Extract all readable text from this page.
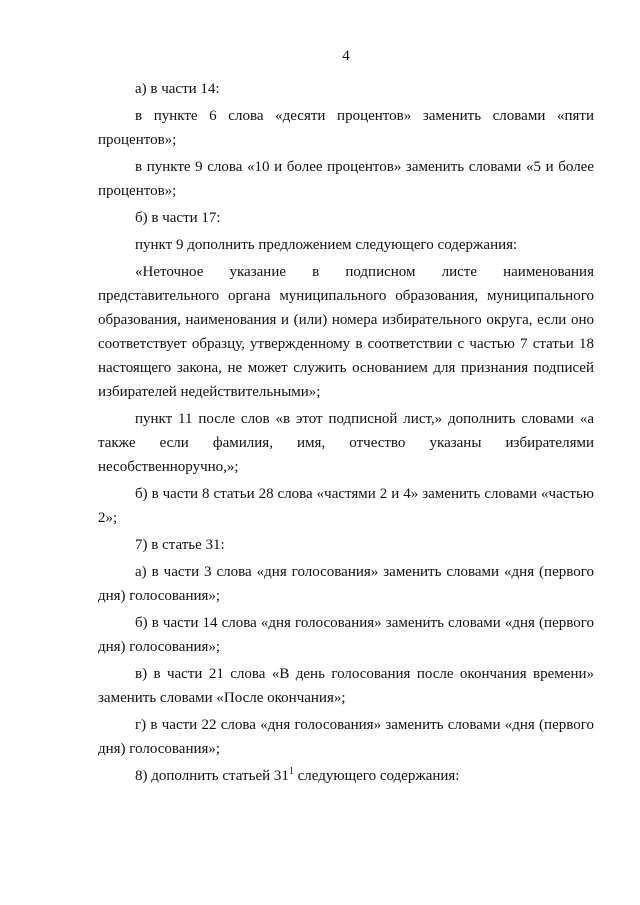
4

а) в части 14:

в пункте 6 слова «десяти процентов» заменить словами «пяти процентов»;

в пункте 9 слова «10 и более процентов» заменить словами «5 и более процентов»;

б) в части 17:

пункт 9 дополнить предложением следующего содержания:

«Неточное указание в подписном листе наименования представительного органа муниципального образования, муниципального образования, наименования и (или) номера избирательного округа, если оно соответствует образцу, утвержденному в соответствии с частью 7 статьи 18 настоящего закона, не может служить основанием для признания подписей избирателей недействительными»;

пункт 11 после слов «в этот подписной лист,» дополнить словами «а также если фамилия, имя, отчество указаны избирателями несобственноручно,»;

б) в части 8 статьи 28 слова «частями 2 и 4» заменить словами «частью 2»;

7) в статье 31:

а) в части 3 слова «дня голосования» заменить словами «дня (первого дня) голосования»;

б) в части 14 слова «дня голосования» заменить словами «дня (первого дня) голосования»;

в) в части 21 слова «В день голосования после окончания времени» заменить словами «После окончания»;

г) в части 22 слова «дня голосования» заменить словами «дня (первого дня) голосования»;

8) дополнить статьей $31^1$ следующего содержания:
